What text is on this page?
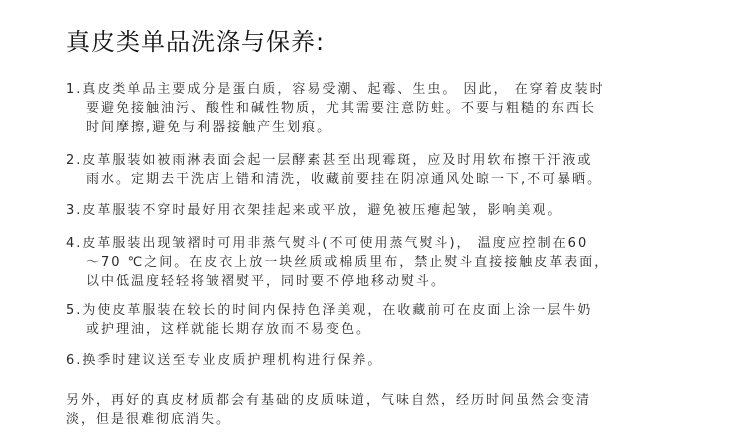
真皮类单品洗涤与保养:
1.真皮类单品主要成分是蛋白质，容易受潮、起霉、生虫。 因此， 在穿着皮装时
要避免接触油污、酸性和碱性物质，尤其需要注意防蛀。不要与粗糙的东西长
时间摩擦,避免与利器接触产生划痕。
2.皮革服装如被雨淋表面会起一层酵素甚至出现霉斑，应及时用软布擦干汗液或
雨水。定期去干洗店上错和清洗，收藏前要挂在阴凉通风处晾一下,不可暴晒。
3.皮革服装不穿时最好用衣架挂起来或平放，避免被压瘪起皱，影响美观。
4.皮革服装出现皱褶时可用非蒸气熨斗(不可使用蒸气熨斗)， 温度应控制在60
～70 ℃之间。在皮衣上放一块丝质或棉质里布，禁止熨斗直接接触皮革表面，
以中低温度轻轻将皱褶熨平，同时要不停地移动熨斗。
5.为使皮革服装在较长的时间内保持色泽美观，在收藏前可在皮面上涂一层牛奶
或护理油，这样就能长期存放而不易变色。
6.换季时建议送至专业皮质护理机构进行保养。
另外，再好的真皮材质都会有基础的皮质味道，气味自然，经历时间虽然会变清
淡，但是很难彻底消失。
